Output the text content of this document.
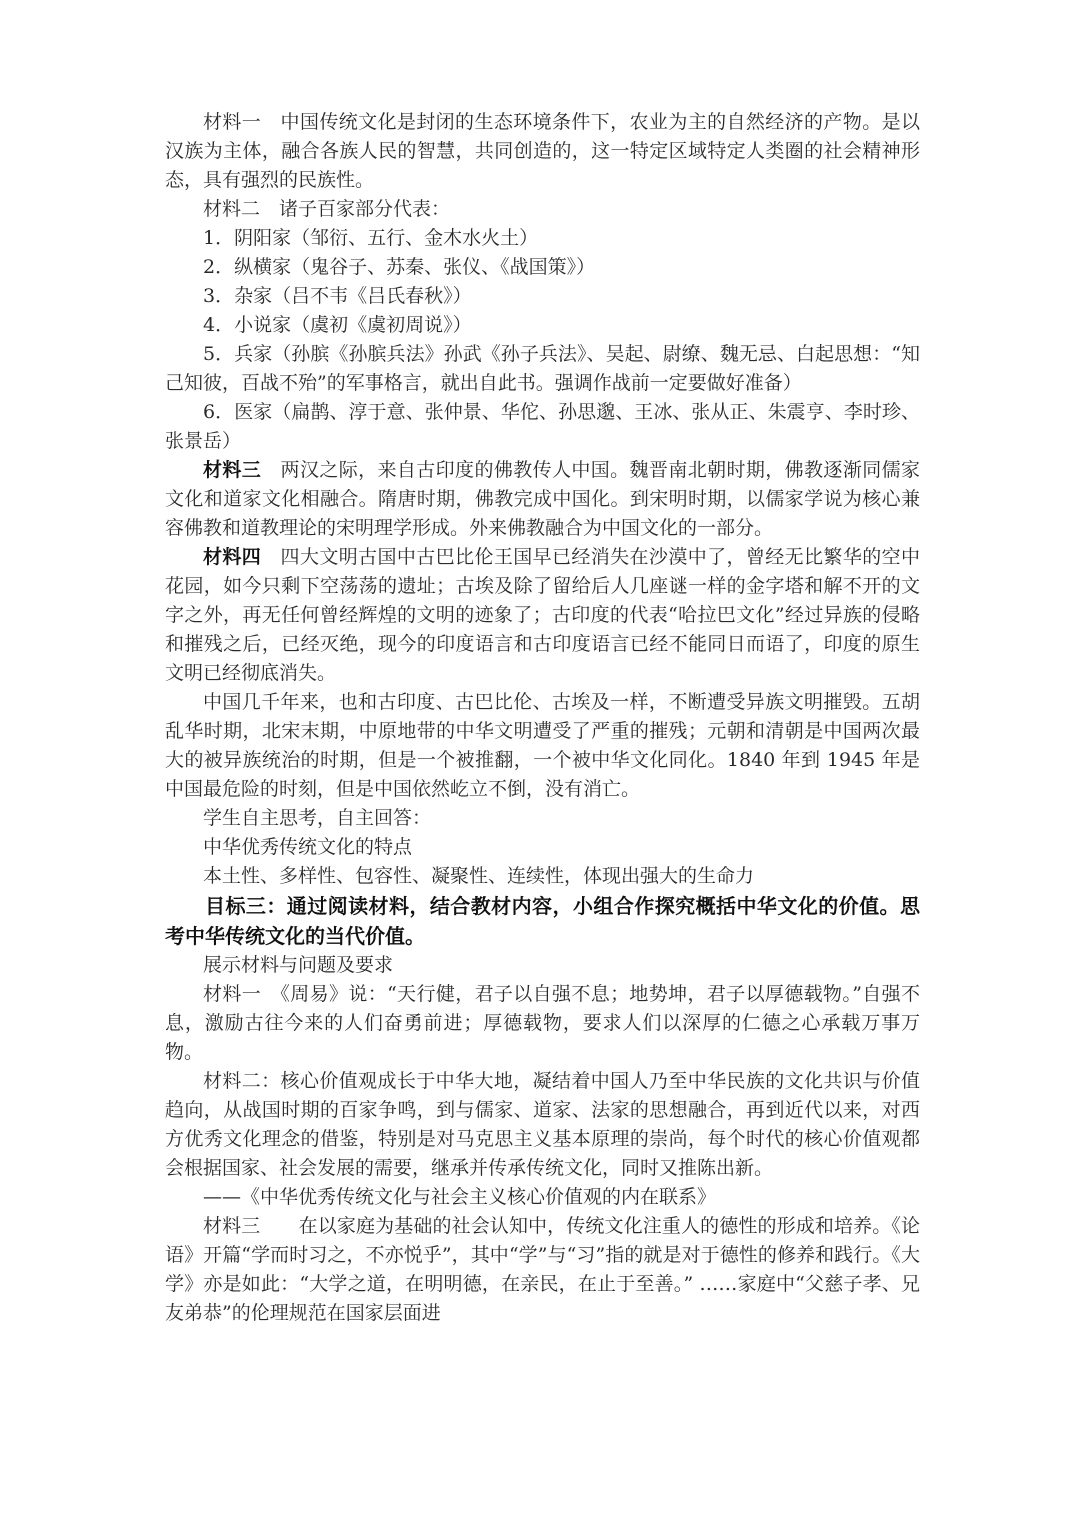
材料一　中国传统文化是封闭的生态环境条件下，农业为主的自然经济的产物。是以汉族为主体，融合各族人民的智慧，共同创造的，这一特定区域特定人类圈的社会精神形态，具有强烈的民族性。

材料二　诸子百家部分代表：

1．阴阳家（邹衍、五行、金木水火土）

2．纵横家（鬼谷子、苏秦、张仪、《战国策》）

3．杂家（吕不韦《吕氏春秋》）

4．小说家（虞初《虞初周说》）

5．兵家（孙膑《孙膑兵法》孙武《孙子兵法》、吴起、尉缭、魏无忌、白起思想：“知己知彼，百战不殆”的军事格言，就出自此书。强调作战前一定要做好准备）

6．医家（扁鹊、淳于意、张仲景、华佗、孙思邈、王冰、张从正、朱震亨、李时珍、张景岳）

材料三　两汉之际，来自古印度的佛教传人中国。魏晋南北朝时期，佛教逐渐同儒家文化和道家文化相融合。隋唐时期，佛教完成中国化。到宋明时期，以儒家学说为核心兼容佛教和道教理论的宋明理学形成。外来佛教融合为中国文化的一部分。

材料四　四大文明古国中古巴比伦王国早已经消失在沙漠中了，曾经无比繁华的空中花园，如今只剩下空荡荡的遗址；古埃及除了留给后人几座谜一样的金字塔和解不开的文字之外，再无任何曾经辉煌的文明的迹象了；古印度的代表“哈拉巴文化”经过异族的侵略和摧残之后，已经灭绝，现今的印度语言和古印度语言已经不能同日而语了，印度的原生文明已经彻底消失。

中国几千年来，也和古印度、古巴比伦、古埃及一样，不断遭受异族文明摧毁。五胡乱华时期，北宋末期，中原地带的中华文明遭受了严重的摧残；元朝和清朝是中国两次最大的被异族统治的时期，但是一个被推翻，一个被中华文化同化。1840 年到 1945 年是中国最危险的时刻，但是中国依然屹立不倒，没有消亡。

学生自主思考，自主回答：

中华优秀传统文化的特点

本土性、多样性、包容性、凝聚性、连续性，体现出强大的生命力

目标三：通过阅读材料，结合教材内容，小组合作探究概括中华文化的价值。思考中华传统文化的当代价值。

展示材料与问题及要求

材料一　《周易》说：“天行健，君子以自强不息；地势坤，君子以厚德载物。”自强不息，激励古往今来的人们奋勇前进；厚德载物，要求人们以深厚的仁德之心承载万事万物。

材料二：核心价值观成长于中华大地，凝结着中国人乃至中华民族的文化共识与价值趋向，从战国时期的百家争鸣，到与儒家、道家、法家的思想融合，再到近代以来，对西方优秀文化理念的借鉴，特别是对马克思主义基本原理的崇尚，每个时代的核心价值观都会根据国家、社会发展的需要，继承并传承传统文化，同时又推陈出新。

——《中华优秀传统文化与社会主义核心价值观的内在联系》

材料三　　在以家庭为基础的社会认知中，传统文化注重人的德性的形成和培养。《论语》开篇“学而时习之，不亦悦乎”，其中“学”与“习”指的就是对于德性的修养和践行。《大学》亦是如此：“大学之道，在明明德，在亲民，在止于至善。” ……家庭中“父慈子孝、兄友弟恭”的伦理规范在国家层面进
